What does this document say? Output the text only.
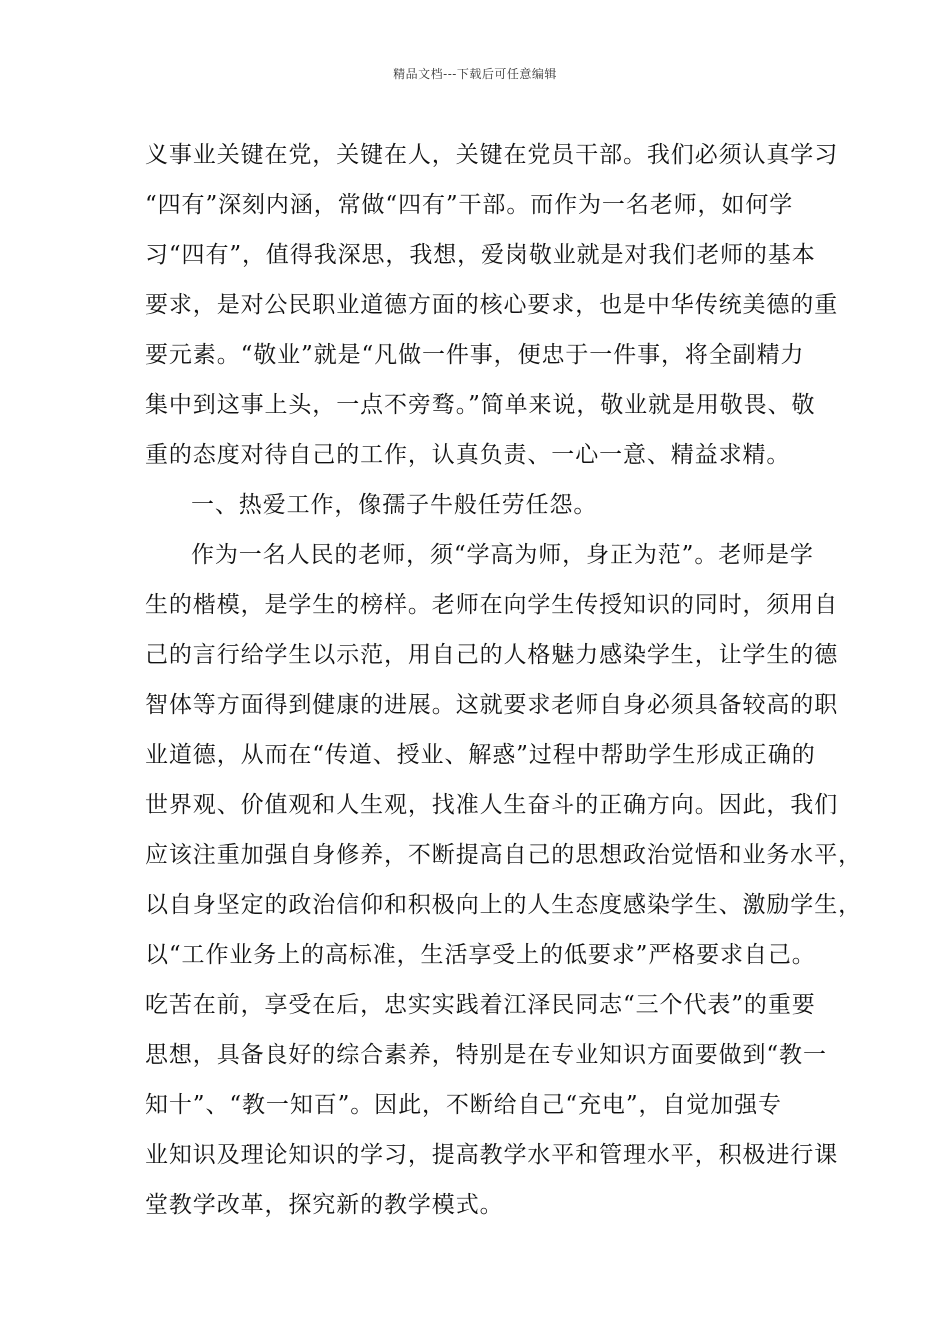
精品文档---下载后可任意编辑
义事业关键在党，关键在人，关键在党员干部。我们必须认真学习
“四有”深刻内涵，常做“四有”干部。而作为一名老师，如何学
习“四有”，值得我深思，我想，爱岗敬业就是对我们老师的基本
要求，是对公民职业道德方面的核心要求，也是中华传统美德的重
要元素。“敬业”就是“凡做一件事，便忠于一件事，将全副精力
集中到这事上头，一点不旁骛。”简单来说，敬业就是用敬畏、敬
重的态度对待自己的工作，认真负责、一心一意、精益求精。
一、热爱工作，像孺子牛般任劳任怨。
作为一名人民的老师，须“学高为师，身正为范”。老师是学
生的楷模，是学生的榜样。老师在向学生传授知识的同时，须用自
己的言行给学生以示范，用自己的人格魅力感染学生，让学生的德
智体等方面得到健康的进展。这就要求老师自身必须具备较高的职
业道德，从而在“传道、授业、解惑”过程中帮助学生形成正确的
世界观、价值观和人生观，找准人生奋斗的正确方向。因此，我们
应该注重加强自身修养，不断提高自己的思想政治觉悟和业务水平，
以自身坚定的政治信仰和积极向上的人生态度感染学生、激励学生，
以“工作业务上的高标准，生活享受上的低要求”严格要求自己。
吃苦在前，享受在后，忠实实践着江泽民同志“三个代表”的重要
思想，具备良好的综合素养，特别是在专业知识方面要做到“教一
知十”、“教一知百”。因此，不断给自己“充电”，自觉加强专
业知识及理论知识的学习，提高教学水平和管理水平，积极进行课
堂教学改革，探究新的教学模式。
